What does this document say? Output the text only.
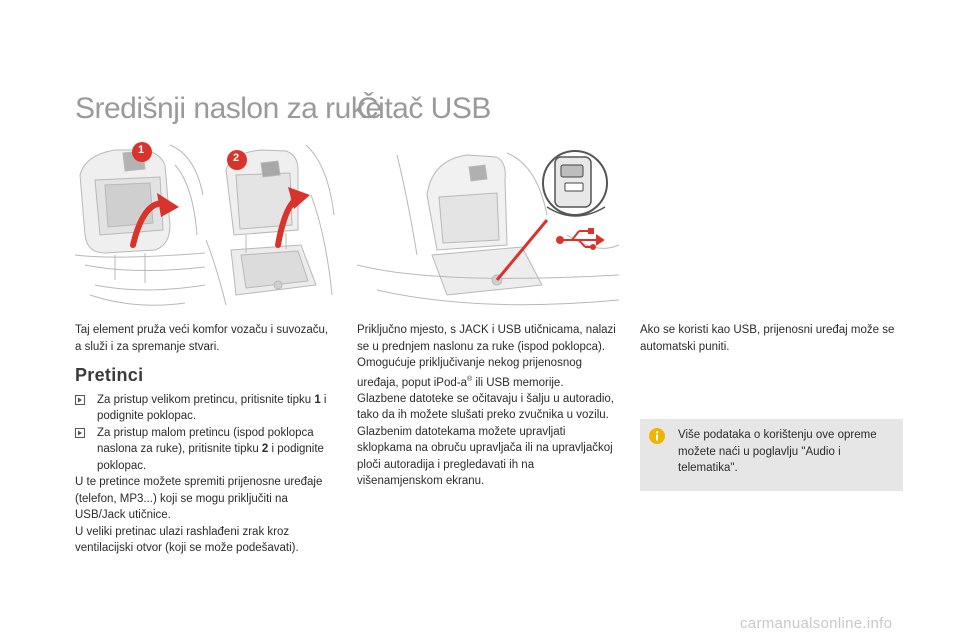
Središnji naslon za ruke
Čitač USB
1
2

Taj element pruža veći komfor vozaču i suvozaču, a služi i za spremanje stvari.

Pretinci

Za pristup velikom pretincu, pritisnite tipku 1 i podignite poklopac.
Za pristup malom pretincu (ispod poklopca naslona za ruke), pritisnite tipku 2 i podignite poklopac.

U te pretince možete spremiti prijenosne uređaje (telefon, MP3...) koji se mogu priključiti na USB/Jack utičnice.

U veliki pretinac ulazi rashlađeni zrak kroz ventilacijski otvor (koji se može podešavati).

Priključno mjesto, s JACK i USB utičnicama, nalazi se u prednjem naslonu za ruke (ispod poklopca).

Omogućuje priključivanje nekog prijenosnog uređaja, poput iPod-a® ili USB memorije.

Glazbene datoteke se očitavaju i šalju u autoradio, tako da ih možete slušati preko zvučnika u vozilu.

Glazbenim datotekama možete upravljati sklopkama na obruču upravljača ili na upravljačkoj ploči autoradija i pregledavati ih na višenamjenskom ekranu.

Ako se koristi kao USB, prijenosni uređaj može se automatski puniti.

Više podataka o korištenju ove opreme možete naći u poglavlju "Audio i telematika".
carmanualsonline.info
